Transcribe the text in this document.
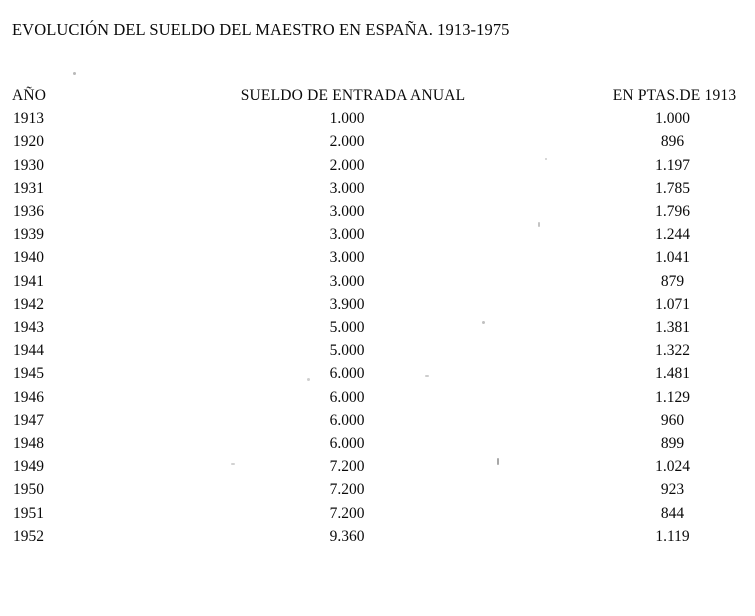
EVOLUCIÓN DEL SUELDO DEL MAESTRO EN ESPAÑA. 1913-1975
AÑO	SUELDO DE ENTRADA ANUAL	EN PTAS.DE 1913
1913	1.000	1.000
1920	2.000	896
1930	2.000	1.197
1931	3.000	1.785
1936	3.000	1.796
1939	3.000	1.244
1940	3.000	1.041
1941	3.000	879
1942	3.900	1.071
1943	5.000	1.381
1944	5.000	1.322
1945	6.000	1.481
1946	6.000	1.129
1947	6.000	960
1948	6.000	899
1949	7.200	1.024
1950	7.200	923
1951	7.200	844
1952	9.360	1.119
